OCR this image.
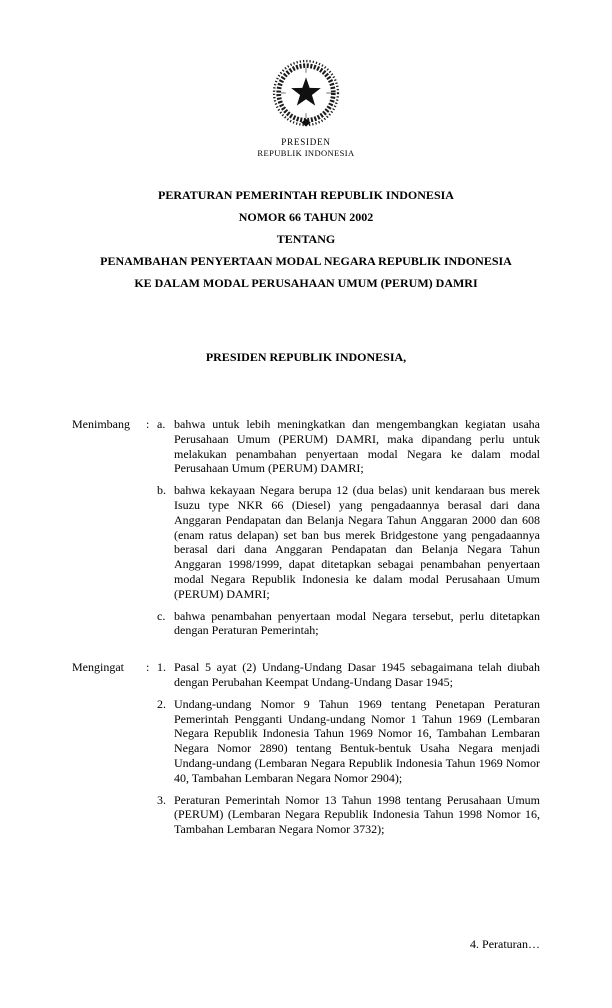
PRESIDEN
REPUBLIK INDONESIA
PERATURAN PEMERINTAH REPUBLIK INDONESIA
NOMOR 66 TAHUN 2002
TENTANG
PENAMBAHAN PENYERTAAN MODAL NEGARA REPUBLIK INDONESIA
KE DALAM MODAL PERUSAHAAN UMUM (PERUM) DAMRI
PRESIDEN REPUBLIK INDONESIA,
Menimbang	: a. bahwa untuk lebih meningkatkan dan mengembangkan kegiatan usaha Perusahaan Umum (PERUM) DAMRI, maka dipandang perlu untuk melakukan penambahan penyertaan modal Negara ke dalam modal Perusahaan Umum (PERUM) DAMRI;
b. bahwa kekayaan Negara berupa 12 (dua belas) unit kendaraan bus merek Isuzu type NKR 66 (Diesel) yang pengadaannya berasal dari dana Anggaran Pendapatan dan Belanja Negara Tahun Anggaran 2000 dan 608 (enam ratus delapan) set ban bus merek Bridgestone yang pengadaannya berasal dari dana Anggaran Pendapatan dan Belanja Negara Tahun Anggaran 1998/1999, dapat ditetapkan sebagai penambahan penyertaan modal Negara Republik Indonesia ke dalam modal Perusahaan Umum (PERUM) DAMRI;
c. bahwa penambahan penyertaan modal Negara tersebut, perlu ditetapkan dengan Peraturan Pemerintah;
Mengingat	: 1. Pasal 5 ayat (2) Undang-Undang Dasar 1945 sebagaimana telah diubah dengan Perubahan Keempat Undang-Undang Dasar 1945;
2. Undang-undang Nomor 9 Tahun 1969 tentang Penetapan Peraturan Pemerintah Pengganti Undang-undang Nomor 1 Tahun 1969 (Lembaran Negara Republik Indonesia Tahun 1969 Nomor 16, Tambahan Lembaran Negara Nomor 2890) tentang Bentuk-bentuk Usaha Negara menjadi Undang-undang (Lembaran Negara Republik Indonesia Tahun 1969 Nomor 40, Tambahan Lembaran Negara Nomor 2904);
3. Peraturan Pemerintah Nomor 13 Tahun 1998 tentang Perusahaan Umum (PERUM) (Lembaran Negara Republik Indonesia Tahun 1998 Nomor 16, Tambahan Lembaran Negara Nomor 3732);
4. Peraturan…
